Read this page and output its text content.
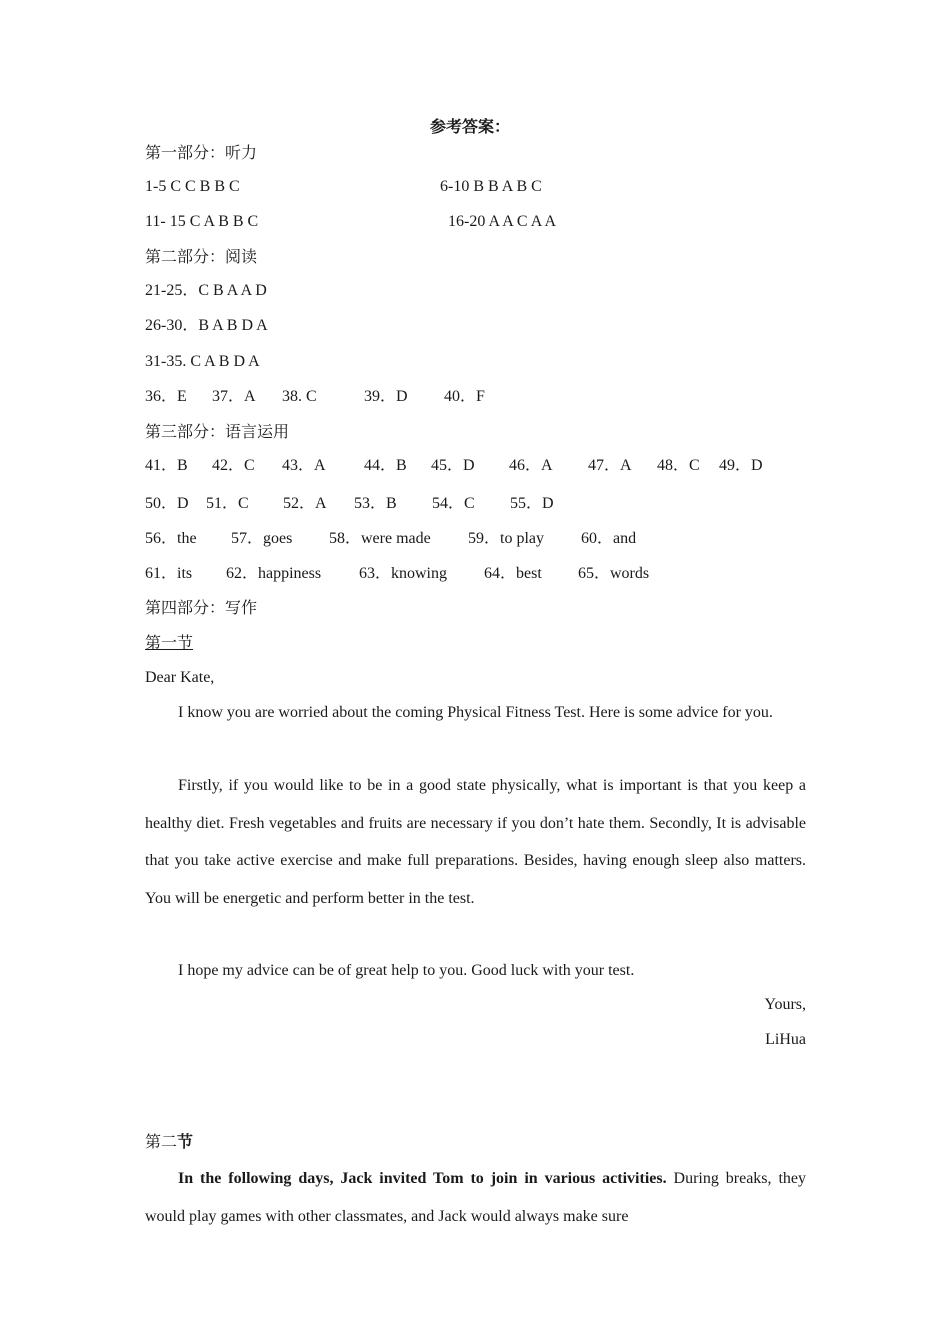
参考答案：
第一部分：听力
1-5 C C B B C	6-10 B B A B C
11- 15 C A B B C	16-20 A A C A A
第二部分：阅读
21-25．C B A A D
26-30．B A B D A
31-35. C A B D A
36．E 37．A 38. C	39．D 40．F
第三部分：语言运用
41．B 42．C 43．A 44．B 45．D 46．A 47．A 48．C 49．D
50．D 51．C 52．A 53．B 54．C 55．D
56．the 57．goes 58．were made 59．to play 60．and
61．its 62．happiness 63．knowing 64．best 65．words
第四部分：写作
第一节
Dear Kate,
I know you are worried about the coming Physical Fitness Test. Here is some advice for you.
Firstly, if you would like to be in a good state physically, what is important is that you keep a healthy diet. Fresh vegetables and fruits are necessary if you don’t hate them. Secondly, It is advisable that you take active exercise and make full preparations. Besides, having enough sleep also matters. You will be energetic and perform better in the test.
I hope my advice can be of great help to you. Good luck with your test.
Yours,
LiHua
第二节
In the following days, Jack invited Tom to join in various activities. During breaks, they would play games with other classmates, and Jack would always make sure
